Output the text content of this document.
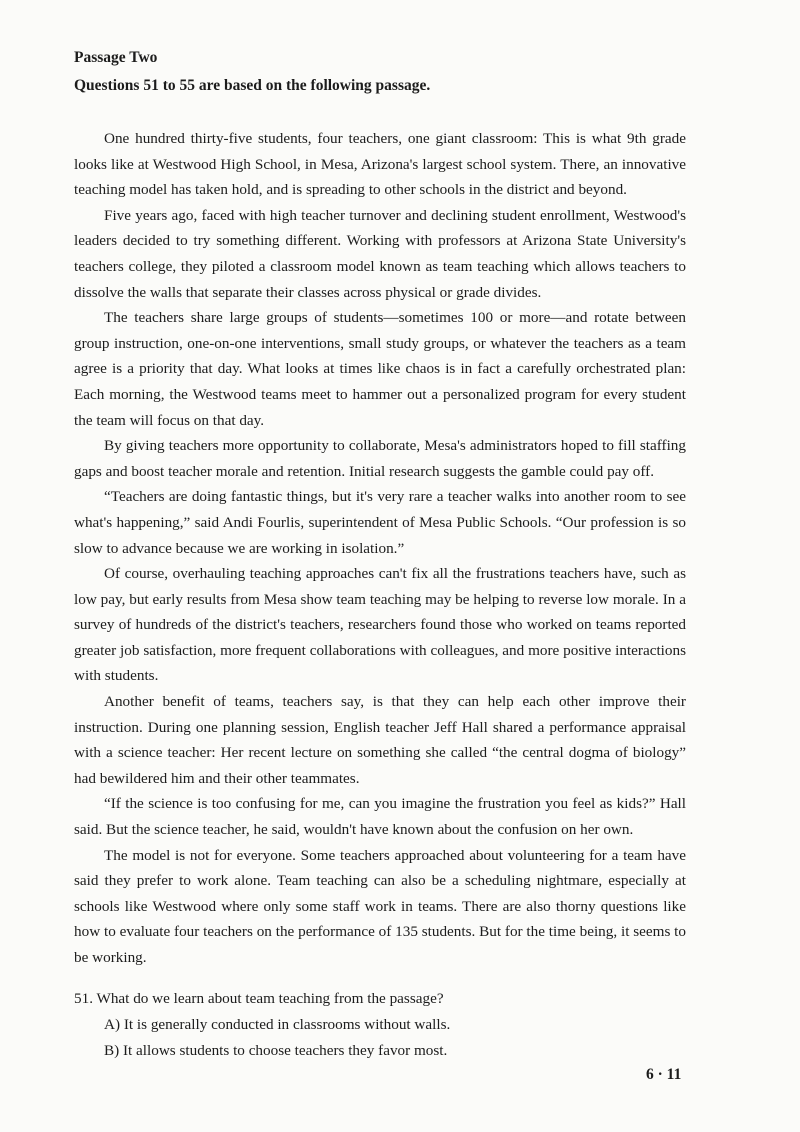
Passage Two
Questions 51 to 55 are based on the following passage.

One hundred thirty-five students, four teachers, one giant classroom: This is what 9th grade looks like at Westwood High School, in Mesa, Arizona's largest school system. There, an innovative teaching model has taken hold, and is spreading to other schools in the district and beyond.

Five years ago, faced with high teacher turnover and declining student enrollment, Westwood's leaders decided to try something different. Working with professors at Arizona State University's teachers college, they piloted a classroom model known as team teaching which allows teachers to dissolve the walls that separate their classes across physical or grade divides.

The teachers share large groups of students—sometimes 100 or more—and rotate between group instruction, one-on-one interventions, small study groups, or whatever the teachers as a team agree is a priority that day. What looks at times like chaos is in fact a carefully orchestrated plan: Each morning, the Westwood teams meet to hammer out a personalized program for every student the team will focus on that day.

By giving teachers more opportunity to collaborate, Mesa's administrators hoped to fill staffing gaps and boost teacher morale and retention. Initial research suggests the gamble could pay off.

“Teachers are doing fantastic things, but it's very rare a teacher walks into another room to see what's happening,” said Andi Fourlis, superintendent of Mesa Public Schools. “Our profession is so slow to advance because we are working in isolation.”

Of course, overhauling teaching approaches can't fix all the frustrations teachers have, such as low pay, but early results from Mesa show team teaching may be helping to reverse low morale. In a survey of hundreds of the district's teachers, researchers found those who worked on teams reported greater job satisfaction, more frequent collaborations with colleagues, and more positive interactions with students.

Another benefit of teams, teachers say, is that they can help each other improve their instruction. During one planning session, English teacher Jeff Hall shared a performance appraisal with a science teacher: Her recent lecture on something she called “the central dogma of biology” had bewildered him and their other teammates.

“If the science is too confusing for me, can you imagine the frustration you feel as kids?” Hall said. But the science teacher, he said, wouldn't have known about the confusion on her own.

The model is not for everyone. Some teachers approached about volunteering for a team have said they prefer to work alone. Team teaching can also be a scheduling nightmare, especially at schools like Westwood where only some staff work in teams. There are also thorny questions like how to evaluate four teachers on the performance of 135 students. But for the time being, it seems to be working.

51. What do we learn about team teaching from the passage?

A) It is generally conducted in classrooms without walls.

B) It allows students to choose teachers they favor most.

6 · 11
